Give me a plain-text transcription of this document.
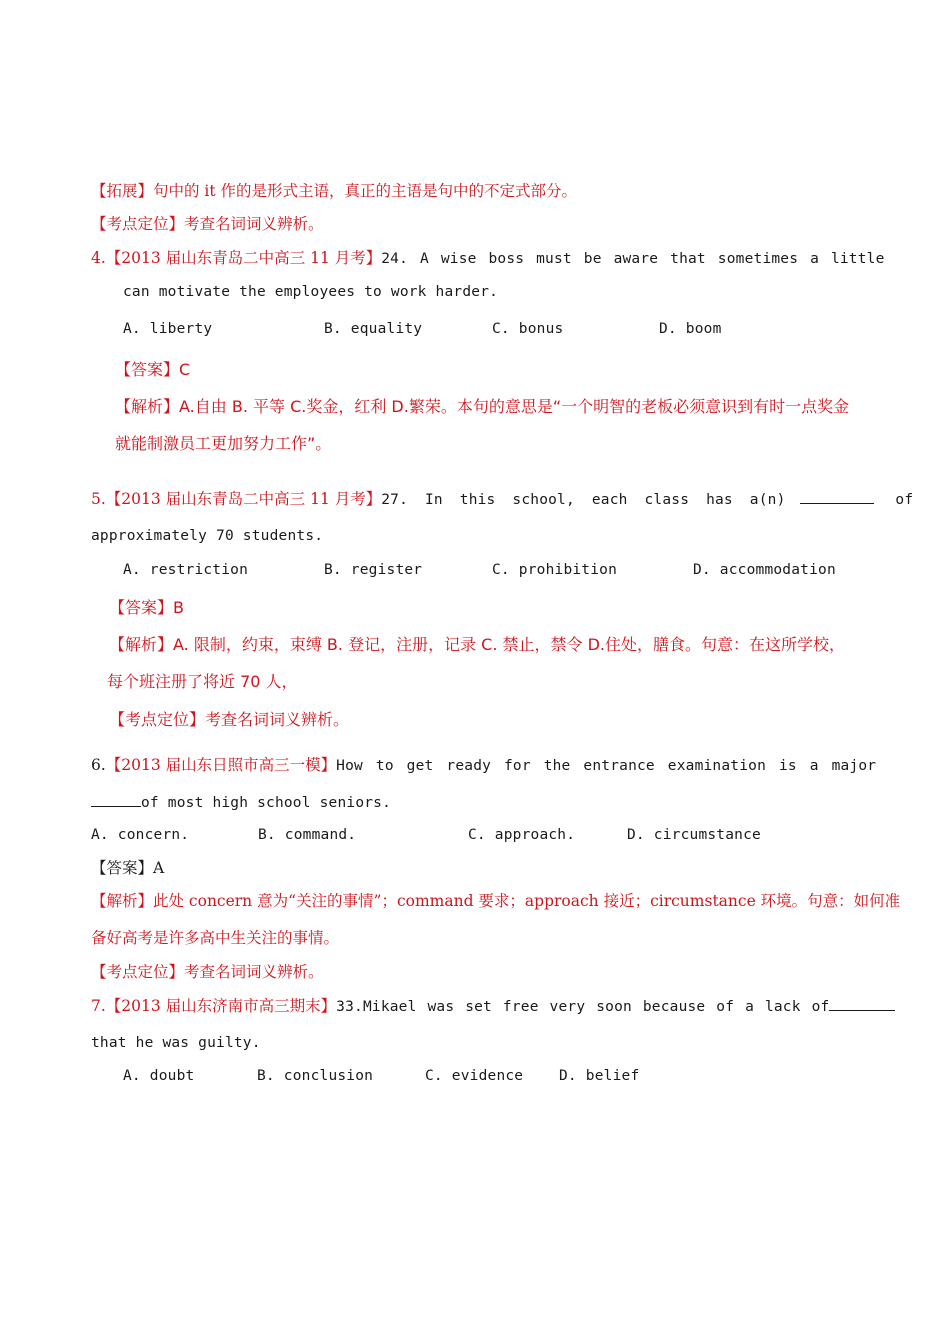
【拓展】句中的 it 作的是形式主语，真正的主语是句中的不定式部分。
【考点定位】考查名词词义辨析。
4.【2013 届山东青岛二中高三 11 月考】24. A wise boss must be aware that sometimes a little
can motivate the employees to work harder.
A. liberty	B. equality	C. bonus	D. boom
【答案】C
【解析】A.自由 B. 平等 C.奖金，红利 D.繁荣。本句的意思是“一个明智的老板必须意识到有时一点奖金
就能制激员工更加努力工作”。
5.【2013 届山东青岛二中高三 11 月考】27. In this school, each class has a(n)	of
approximately 70 students.
A. restriction	B. register	C. prohibition	D. accommodation
【答案】B
【解析】A. 限制，约束，束缚 B. 登记，注册，记录 C. 禁止，禁令 D.住处，膳食。句意：在这所学校，
每个班注册了将近 70 人，
【考点定位】考查名词词义辨析。
6.【2013 届山东日照市高三一模】How to get ready for the entrance examination is a major
of most high school seniors.
A. concern.	B. command.	C. approach.	D. circumstance
【答案】A
【解析】此处 concern 意为“关注的事情”；command 要求；approach 接近；circumstance 环境。句意：如何准
备好高考是许多高中生关注的事情。
【考点定位】考查名词词义辨析。
7.【2013 届山东济南市高三期末】33.Mikael was set free very soon because of a lack of
that he was guilty.
A. doubt	B. conclusion	C. evidence D. belief
